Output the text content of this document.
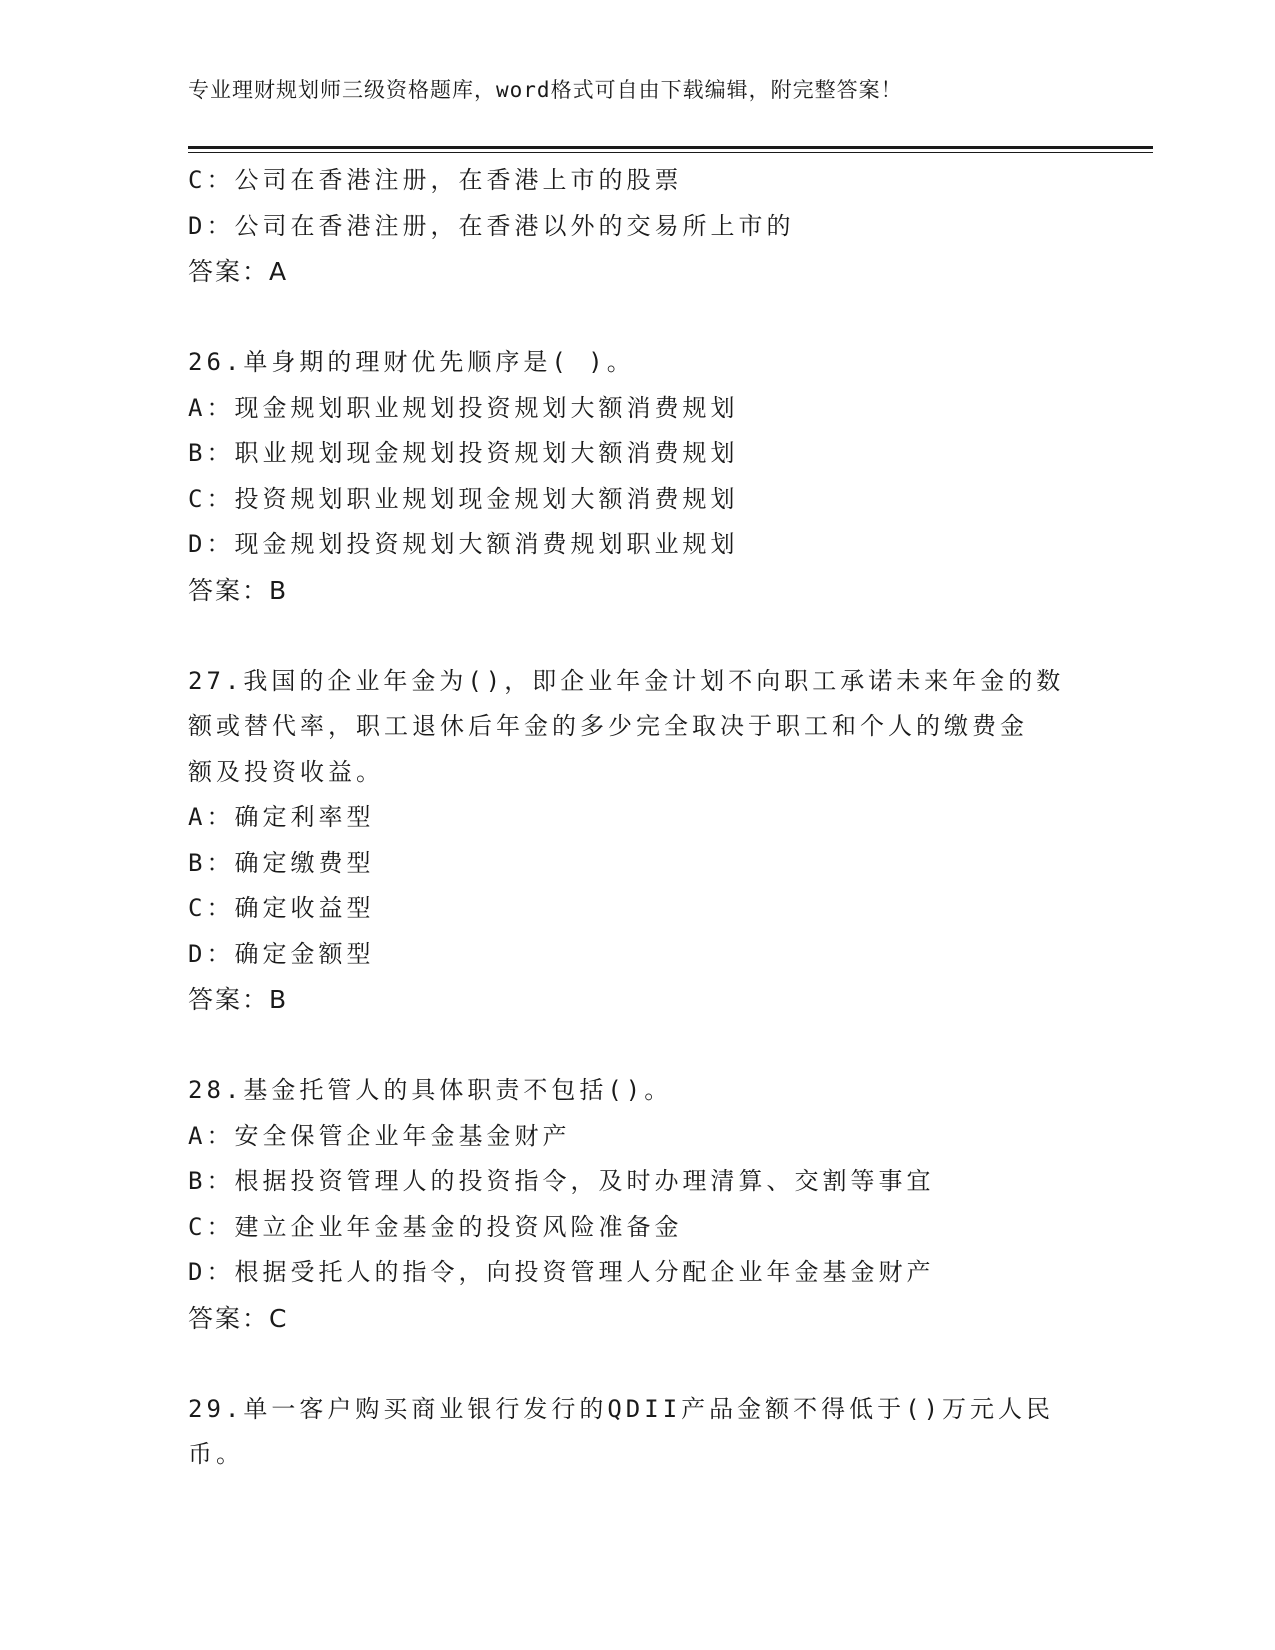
专业理财规划师三级资格题库，word格式可自由下载编辑，附完整答案！
C：公司在香港注册，在香港上市的股票
D：公司在香港注册，在香港以外的交易所上市的
答案：A
26.单身期的理财优先顺序是( )。
A：现金规划职业规划投资规划大额消费规划
B：职业规划现金规划投资规划大额消费规划
C：投资规划职业规划现金规划大额消费规划
D：现金规划投资规划大额消费规划职业规划
答案：B
27.我国的企业年金为()，即企业年金计划不向职工承诺未来年金的数
额或替代率，职工退休后年金的多少完全取决于职工和个人的缴费金
额及投资收益。
A：确定利率型
B：确定缴费型
C：确定收益型
D：确定金额型
答案：B
28.基金托管人的具体职责不包括()。
A：安全保管企业年金基金财产
B：根据投资管理人的投资指令，及时办理清算、交割等事宜
C：建立企业年金基金的投资风险准备金
D：根据受托人的指令，向投资管理人分配企业年金基金财产
答案：C
29.单一客户购买商业银行发行的QDII产品金额不得低于()万元人民
币。
